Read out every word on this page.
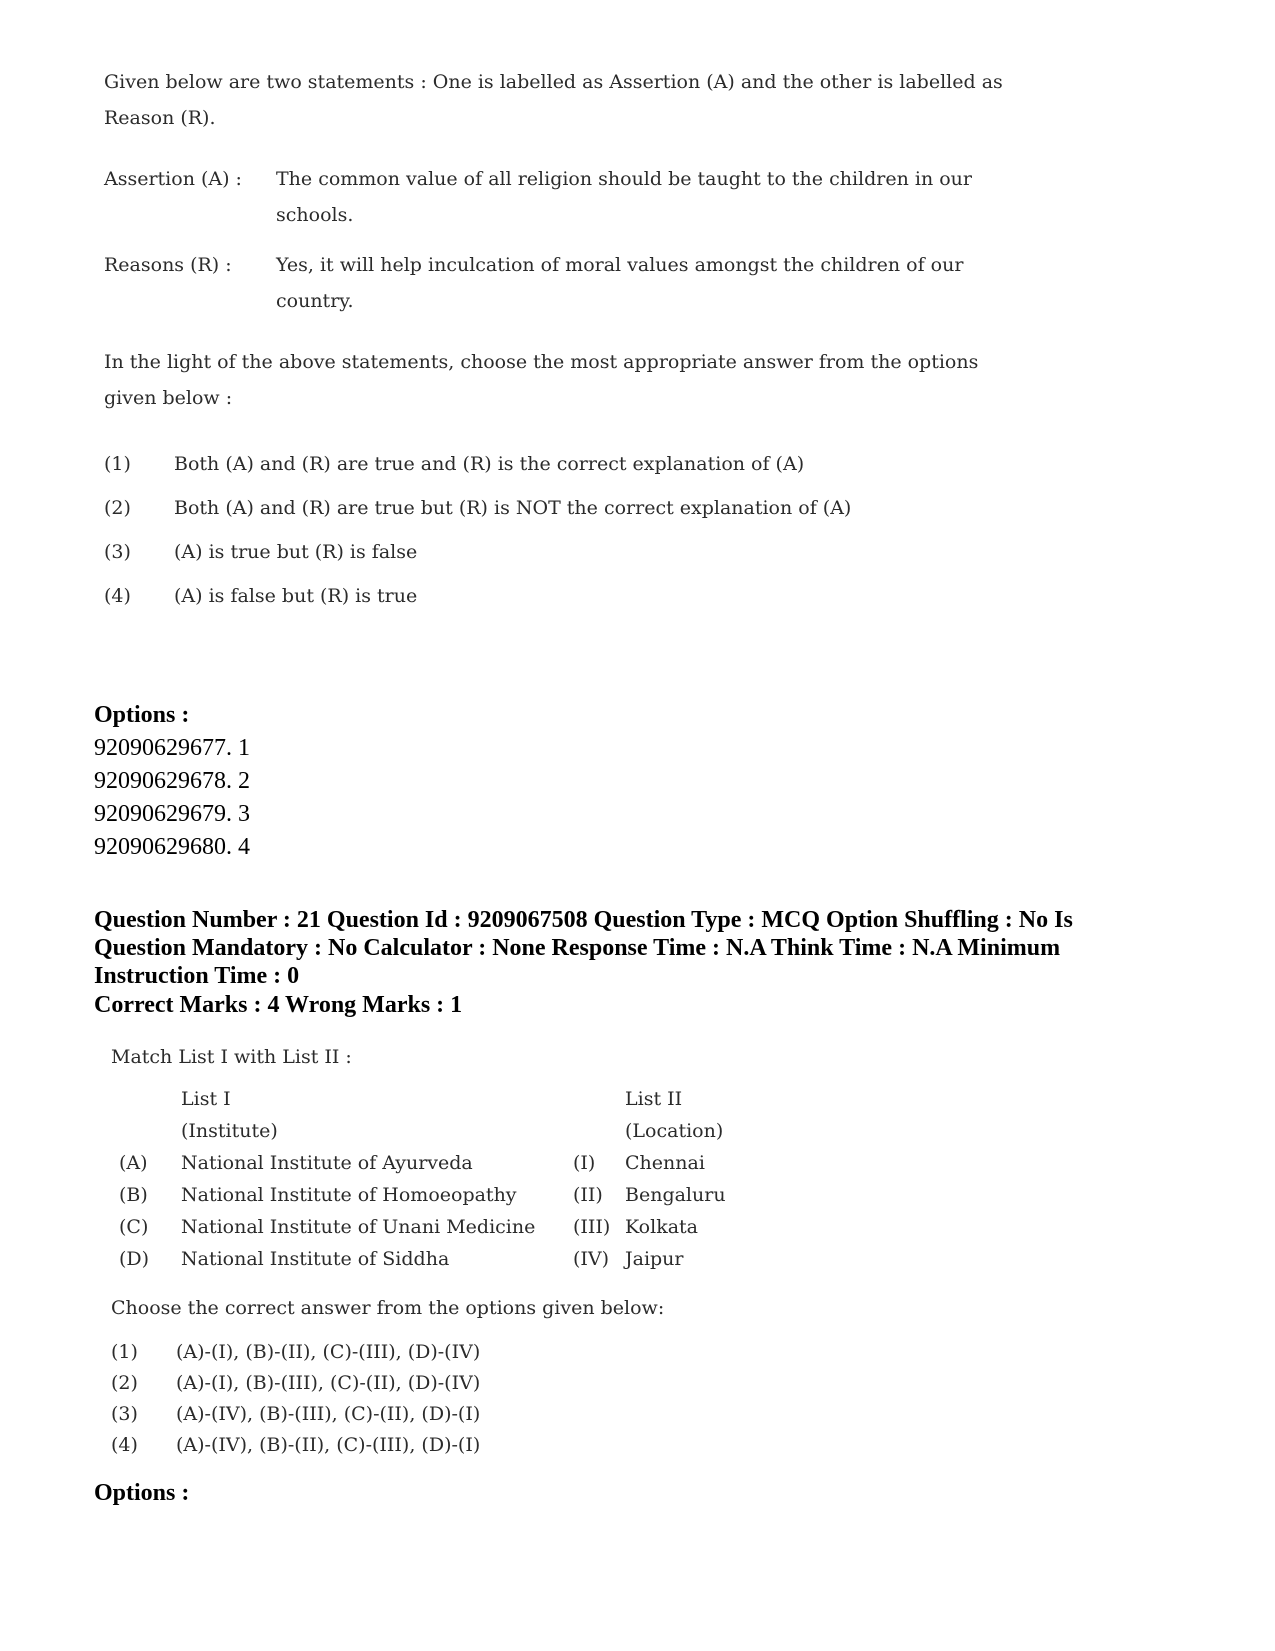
Given below are two statements : One is labelled as Assertion (A) and the other is labelled as

Reason (R).

Assertion (A) :	The common value of all religion should be taught to the children in our

schools.

Reasons (R) :	Yes, it will help inculcation of moral values amongst the children of our

country.

In the light of the above statements, choose the most appropriate answer from the options

given below :

(1)	Both (A) and (R) are true and (R) is the correct explanation of (A)
(2)	Both (A) and (R) are true but (R) is NOT the correct explanation of (A)
(3)	(A) is true but (R) is false
(4)	(A) is false but (R) is true
Options :
92090629677. 1
92090629678. 2
92090629679. 3
92090629680. 4
Question Number : 21 Question Id : 9209067508 Question Type : MCQ Option Shuffling : No Is
Question Mandatory : No Calculator : None Response Time : N.A Think Time : N.A Minimum
Instruction Time : 0
Correct Marks : 4 Wrong Marks : 1
Match List I with List II :
	List I		List II
	(Institute)		(Location)
(A)	National Institute of Ayurveda	(I)	Chennai
(B)	National Institute of Homoeopathy	(II)	Bengaluru
(C)	National Institute of Unani Medicine	(III)	Kolkata
(D)	National Institute of Siddha	(IV)	Jaipur
Choose the correct answer from the options given below:
(1)	(A)-(I), (B)-(II), (C)-(III), (D)-(IV)
(2)	(A)-(I), (B)-(III), (C)-(II), (D)-(IV)
(3)	(A)-(IV), (B)-(III), (C)-(II), (D)-(I)
(4)	(A)-(IV), (B)-(II), (C)-(III), (D)-(I)
Options :
